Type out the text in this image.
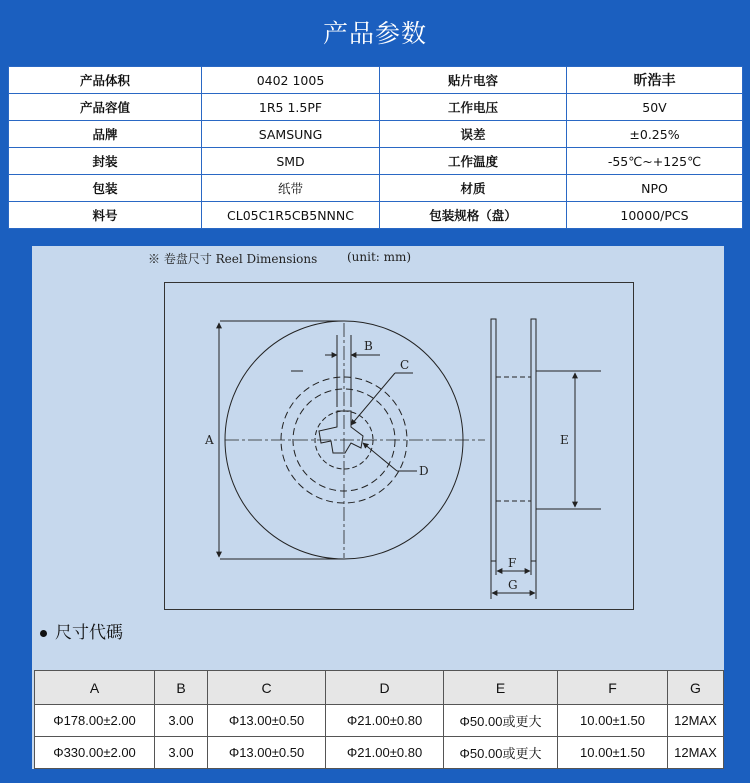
产品参数
产品体积	0402 1005	贴片电容	昕浩丰
产品容值	1R5 1.5PF	工作电压	50V
品牌	SAMSUNG	误差	±0.25%
封装	SMD	工作温度	-55℃~+125℃
包装	纸带	材质	NPO
料号	CL05C1R5CB5NNNC	包装规格（盘）	10000/PCS
※ 卷盘尺寸 Reel Dimensions (unit: mm)
A
B
C
D
E
F
G
尺寸代碼
A	B	C	D	E	F	G
Φ178.00±2.00	3.00	Φ13.00±0.50	Φ21.00±0.80	Φ50.00或更大	10.00±1.50	12MAX
Φ330.00±2.00	3.00	Φ13.00±0.50	Φ21.00±0.80	Φ50.00或更大	10.00±1.50	12MAX
